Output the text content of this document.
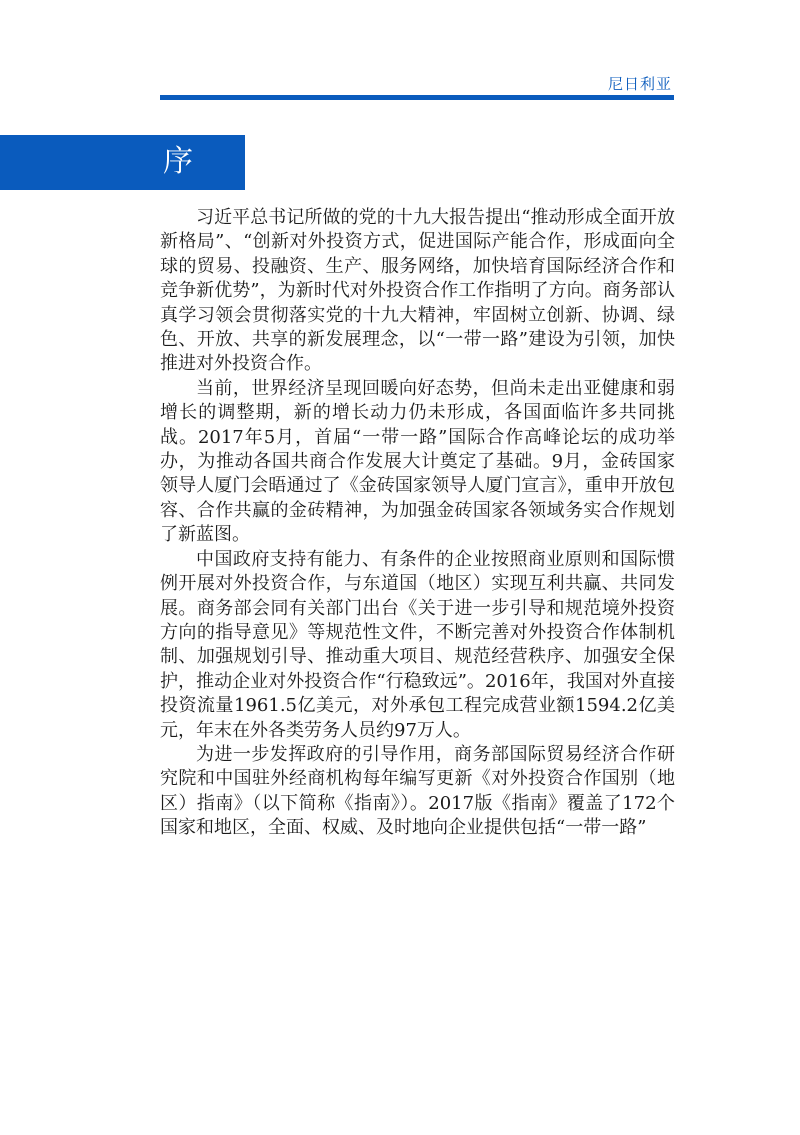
尼日利亚
序

习近平总书记所做的党的十九大报告提出“推动形成全面开放新格局”、“创新对外投资方式，促进国际产能合作，形成面向全球的贸易、投融资、生产、服务网络，加快培育国际经济合作和竞争新优势”，为新时代对外投资合作工作指明了方向。商务部认真学习领会贯彻落实党的十九大精神，牢固树立创新、协调、绿色、开放、共享的新发展理念，以“一带一路”建设为引领，加快推进对外投资合作。

当前，世界经济呈现回暖向好态势，但尚未走出亚健康和弱增长的调整期，新的增长动力仍未形成，各国面临许多共同挑战。2017年5月，首届“一带一路”国际合作高峰论坛的成功举办，为推动各国共商合作发展大计奠定了基础。9月，金砖国家领导人厦门会晤通过了《金砖国家领导人厦门宣言》，重申开放包容、合作共赢的金砖精神，为加强金砖国家各领域务实合作规划了新蓝图。

中国政府支持有能力、有条件的企业按照商业原则和国际惯例开展对外投资合作，与东道国（地区）实现互利共赢、共同发展。商务部会同有关部门出台《关于进一步引导和规范境外投资方向的指导意见》等规范性文件，不断完善对外投资合作体制机制、加强规划引导、推动重大项目、规范经营秩序、加强安全保护，推动企业对外投资合作“行稳致远”。2016年，我国对外直接投资流量1961.5亿美元，对外承包工程完成营业额1594.2亿美元，年末在外各类劳务人员约97万人。

为进一步发挥政府的引导作用，商务部国际贸易经济合作研究院和中国驻外经商机构每年编写更新《对外投资合作国别（地区）指南》（以下简称《指南》）。2017版《指南》覆盖了172个国家和地区，全面、权威、及时地向企业提供包括“一带一路”
